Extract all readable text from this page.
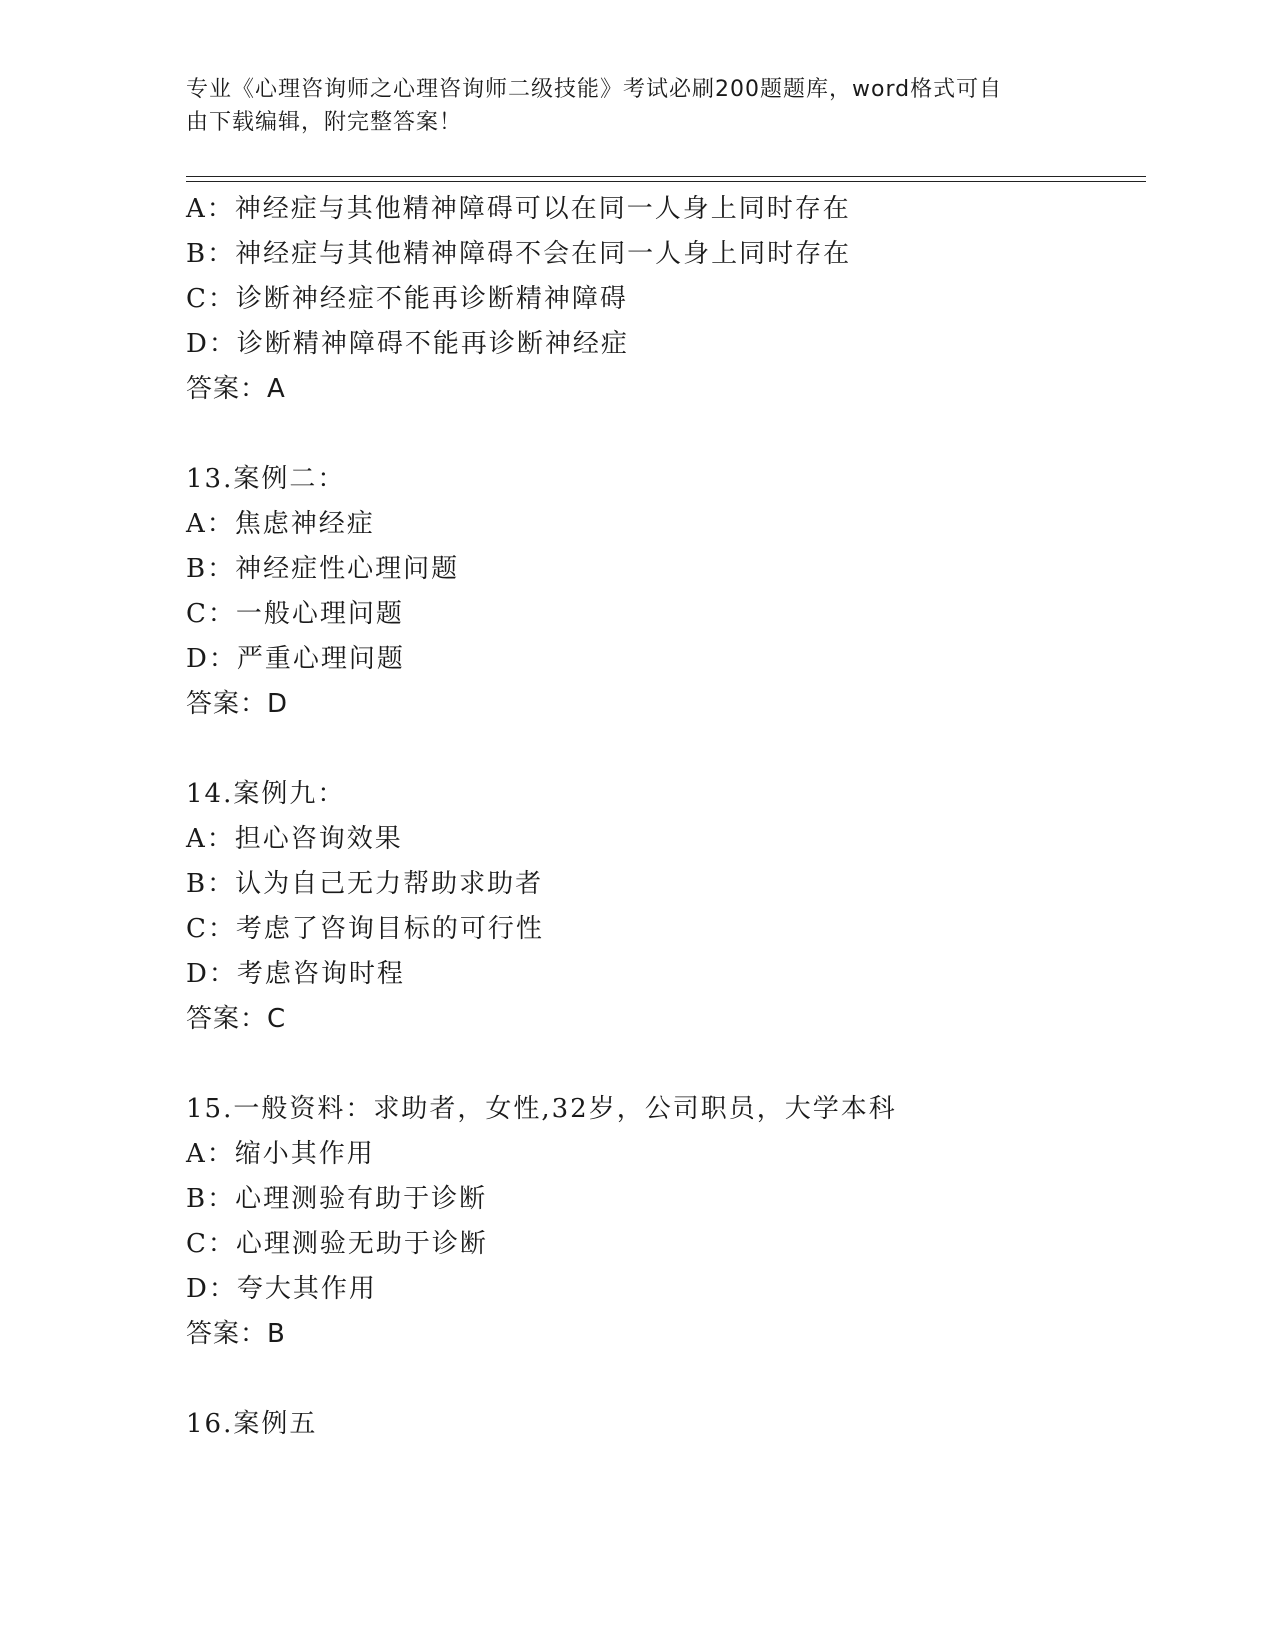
专业《心理咨询师之心理咨询师二级技能》考试必刷200题题库，word格式可自
由下载编辑，附完整答案！
A：神经症与其他精神障碍可以在同一人身上同时存在
B：神经症与其他精神障碍不会在同一人身上同时存在
C：诊断神经症不能再诊断精神障碍
D：诊断精神障碍不能再诊断神经症
答案：A
13.案例二：
A：焦虑神经症
B：神经症性心理问题
C：一般心理问题
D：严重心理问题
答案：D
14.案例九：
A：担心咨询效果
B：认为自己无力帮助求助者
C：考虑了咨询目标的可行性
D：考虑咨询时程
答案：C
15.一般资料：求助者，女性,32岁，公司职员，大学本科
A：缩小其作用
B：心理测验有助于诊断
C：心理测验无助于诊断
D：夸大其作用
答案：B
16.案例五
